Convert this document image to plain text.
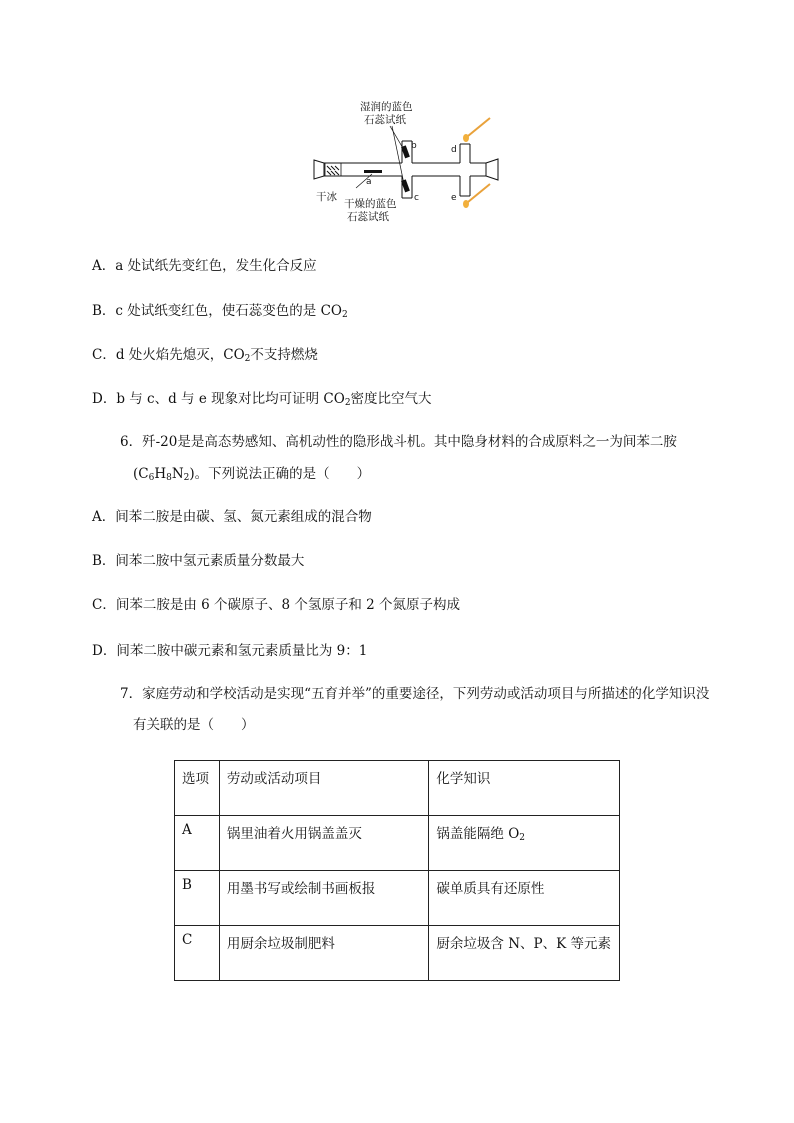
湿润的蓝色
石蕊试纸
b
c
d
e
a
干冰
干燥的蓝色
石蕊试纸
A．a 处试纸先变红色，发生化合反应
B．c 处试纸变红色，使石蕊变色的是 $CO_2$
C．d 处火焰先熄灭，$CO_2$不支持燃烧
D．b 与 c、d 与 e 现象对比均可证明 $CO_2$密度比空气大
6．歼-20是是高态势感知、高机动性的隐形战斗机。其中隐身材料的合成原料之一为间苯二胺
$(C_6H_8N_2)$。下列说法正确的是（　　）
A．间苯二胺是由碳、氢、氮元素组成的混合物
B．间苯二胺中氢元素质量分数最大
C．间苯二胺是由 6 个碳原子、8 个氢原子和 2 个氮原子构成
D．间苯二胺中碳元素和氢元素质量比为 9：1
7．家庭劳动和学校活动是实现“五育并举”的重要途径，下列劳动或活动项目与所描述的化学知识没
有关联的是（　　）
选项	劳动或活动项目	化学知识
A	锅里油着火用锅盖盖灭	锅盖能隔绝 $O_2$
B	用墨书写或绘制书画板报	碳单质具有还原性
C	用厨余垃圾制肥料	厨余垃圾含 N、P、K 等元素
